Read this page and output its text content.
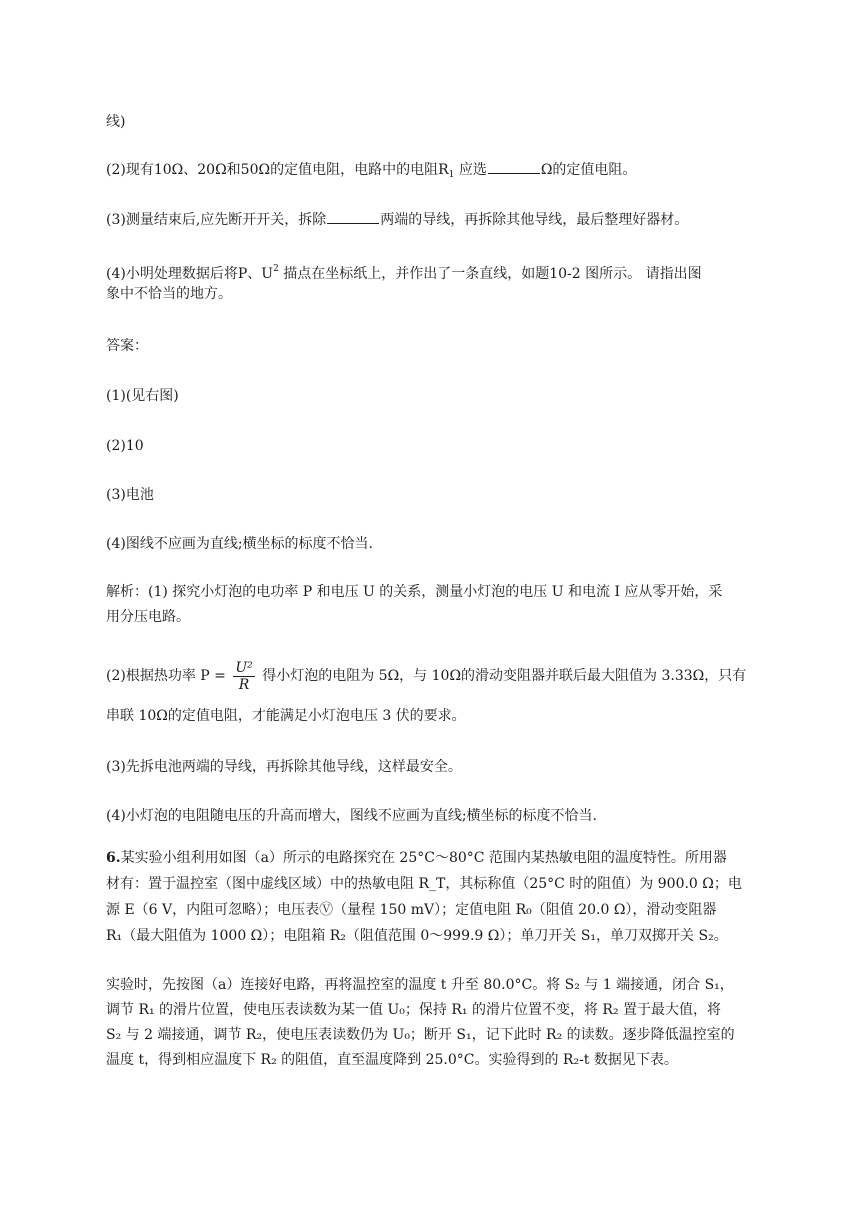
线)
(2)现有10Ω、20Ω和50Ω的定值电阻，电路中的电阻$R_1$ 应选	Ω的定值电阻。
(3)测量结束后,应先断开开关，拆除	两端的导线，再拆除其他导线，最后整理好器材。
(4)小明处理数据后将P、$U^2$ 描点在坐标纸上，并作出了一条直线，如题10-2 图所示。 请指出图
象中不恰当的地方。
答案：
(1)(见右图)
(2)10
(3)电池
(4)图线不应画为直线;横坐标的标度不恰当.
解析：(1) 探究小灯泡的电功率 P 和电压 U 的关系，测量小灯泡的电压 U 和电流 I 应从零开始，采
用分压电路。
(2)根据热功率 $P = \frac{\text{U²}}{R}$ 得小灯泡的电阻为 5Ω，与 10Ω的滑动变阻器并联后最大阻值为 3.33Ω，只有
串联 10Ω的定值电阻，才能满足小灯泡电压 3 伏的要求。
(3)先拆电池两端的导线，再拆除其他导线，这样最安全。
(4)小灯泡的电阻随电压的升高而增大，图线不应画为直线;横坐标的标度不恰当.
6.某实验小组利用如图（a）所示的电路探究在 25°C～80°C 范围内某热敏电阻的温度特性。所用器
材有：置于温控室（图中虚线区域）中的热敏电阻 R_T，其标称值（25°C 时的阻值）为 900.0 Ω；电
源 E（6 V，内阻可忽略）；电压表Ⓥ（量程 150 mV）；定值电阻 R₀（阻值 20.0 Ω），滑动变阻器
R₁（最大阻值为 1000 Ω）；电阻箱 R₂（阻值范围 0～999.9 Ω）；单刀开关 S₁，单刀双掷开关 S₂。
实验时，先按图（a）连接好电路，再将温控室的温度 t 升至 80.0°C。将 S₂ 与 1 端接通，闭合 S₁，
调节 R₁ 的滑片位置，使电压表读数为某一值 U₀；保持 R₁ 的滑片位置不变，将 R₂ 置于最大值，将
S₂ 与 2 端接通，调节 R₂，使电压表读数仍为 U₀；断开 S₁，记下此时 R₂ 的读数。逐步降低温控室的
温度 t，得到相应温度下 R₂ 的阻值，直至温度降到 25.0°C。实验得到的 R₂-t 数据见下表。
